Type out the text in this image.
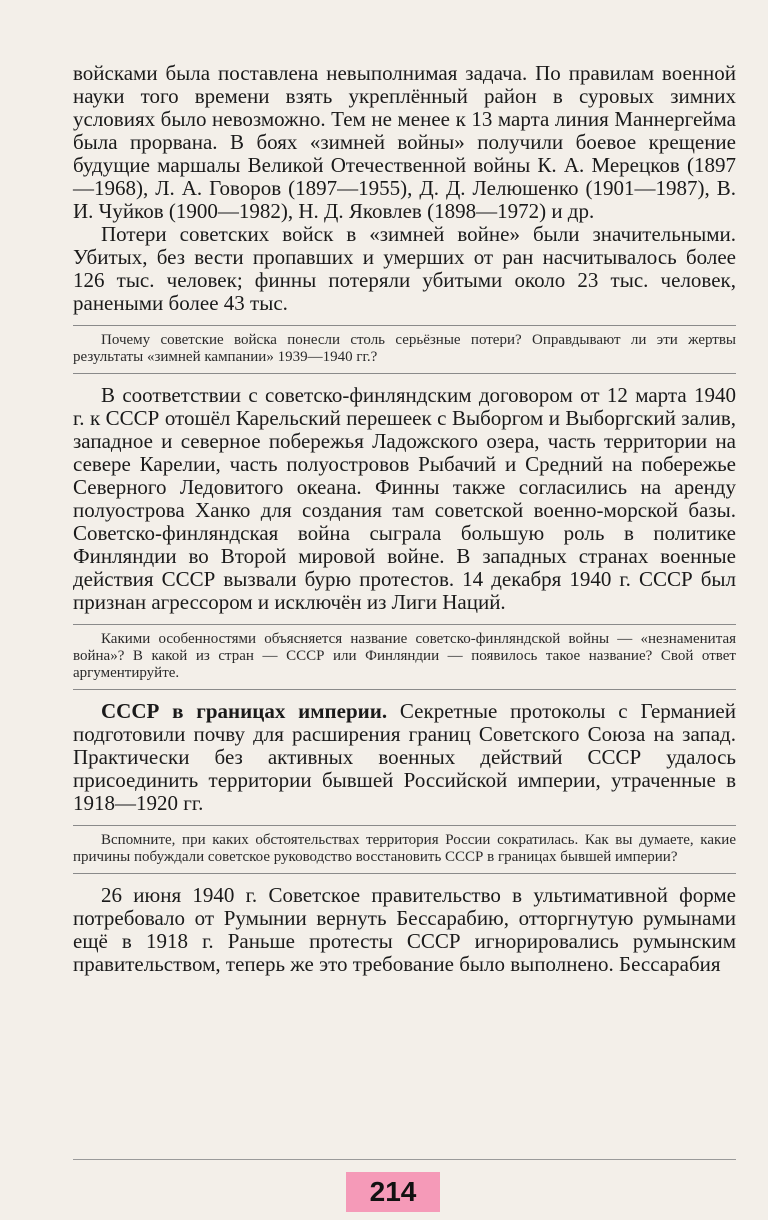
войсками была поставлена невыполнимая задача. По правилам военной науки того времени взять укреплённый район в суровых зимних условиях было невозможно. Тем не менее к 13 марта линия Маннергейма была прорвана. В боях «зимней войны» получили боевое крещение будущие маршалы Великой Отечественной войны К. А. Мерецков (1897—1968), Л. А. Говоров (1897—1955), Д. Д. Лелюшенко (1901—1987), В. И. Чуйков (1900—1982), Н. Д. Яковлев (1898—1972) и др.

Потери советских войск в «зимней войне» были значительными. Убитых, без вести пропавших и умерших от ран насчитывалось более 126 тыс. человек; финны потеряли убитыми около 23 тыс. человек, ранеными более 43 тыс.

Почему советские войска понесли столь серьёзные потери? Оправдывают ли эти жертвы результаты «зимней кампании» 1939—1940 гг.?

В соответствии с советско-финляндским договором от 12 марта 1940 г. к СССР отошёл Карельский перешеек с Выборгом и Выборгский залив, западное и северное побережья Ладожского озера, часть территории на севере Карелии, часть полуостровов Рыбачий и Средний на побережье Северного Ледовитого океана. Финны также согласились на аренду полуострова Ханко для создания там советской военно-морской базы. Советско-финляндская война сыграла большую роль в политике Финляндии во Второй мировой войне. В западных странах военные действия СССР вызвали бурю протестов. 14 декабря 1940 г. СССР был признан агрессором и исключён из Лиги Наций.

Какими особенностями объясняется название советско-финляндской войны — «незнаменитая война»? В какой из стран — СССР или Финляндии — появилось такое название? Свой ответ аргументируйте.

СССР в границах империи. Секретные протоколы с Германией подготовили почву для расширения границ Советского Союза на запад. Практически без активных военных действий СССР удалось присоединить территории бывшей Российской империи, утраченные в 1918—1920 гг.

Вспомните, при каких обстоятельствах территория России сократилась. Как вы думаете, какие причины побуждали советское руководство восстановить СССР в границах бывшей империи?

26 июня 1940 г. Советское правительство в ультимативной форме потребовало от Румынии вернуть Бессарабию, отторгнутую румынами ещё в 1918 г. Раньше протесты СССР игнорировались румынским правительством, теперь же это требование было выполнено. Бессарабия

214
